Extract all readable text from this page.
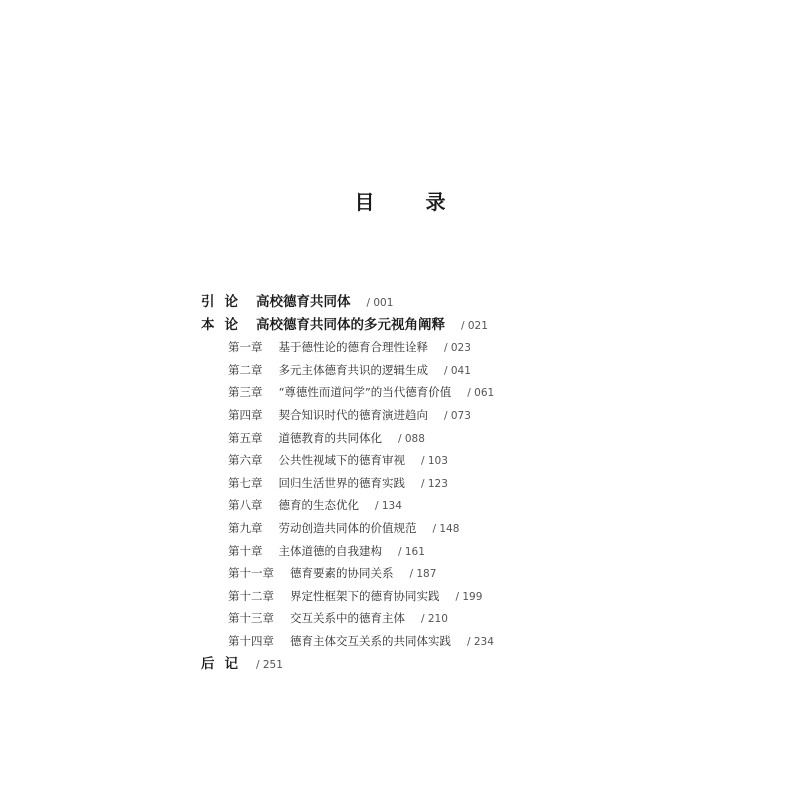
目 录
引论 高校德育共同体 / 001
本论 高校德育共同体的多元视角阐释 / 021
第一章 基于德性论的德育合理性诠释 / 023
第二章 多元主体德育共识的逻辑生成 / 041
第三章 “尊德性而道问学”的当代德育价值 / 061
第四章 契合知识时代的德育演进趋向 / 073
第五章 道德教育的共同体化 / 088
第六章 公共性视域下的德育审视 / 103
第七章 回归生活世界的德育实践 / 123
第八章 德育的生态优化 / 134
第九章 劳动创造共同体的价值规范 / 148
第十章 主体道德的自我建构 / 161
第十一章 德育要素的协同关系 / 187
第十二章 界定性框架下的德育协同实践 / 199
第十三章 交互关系中的德育主体 / 210
第十四章 德育主体交互关系的共同体实践 / 234
后记 / 251
